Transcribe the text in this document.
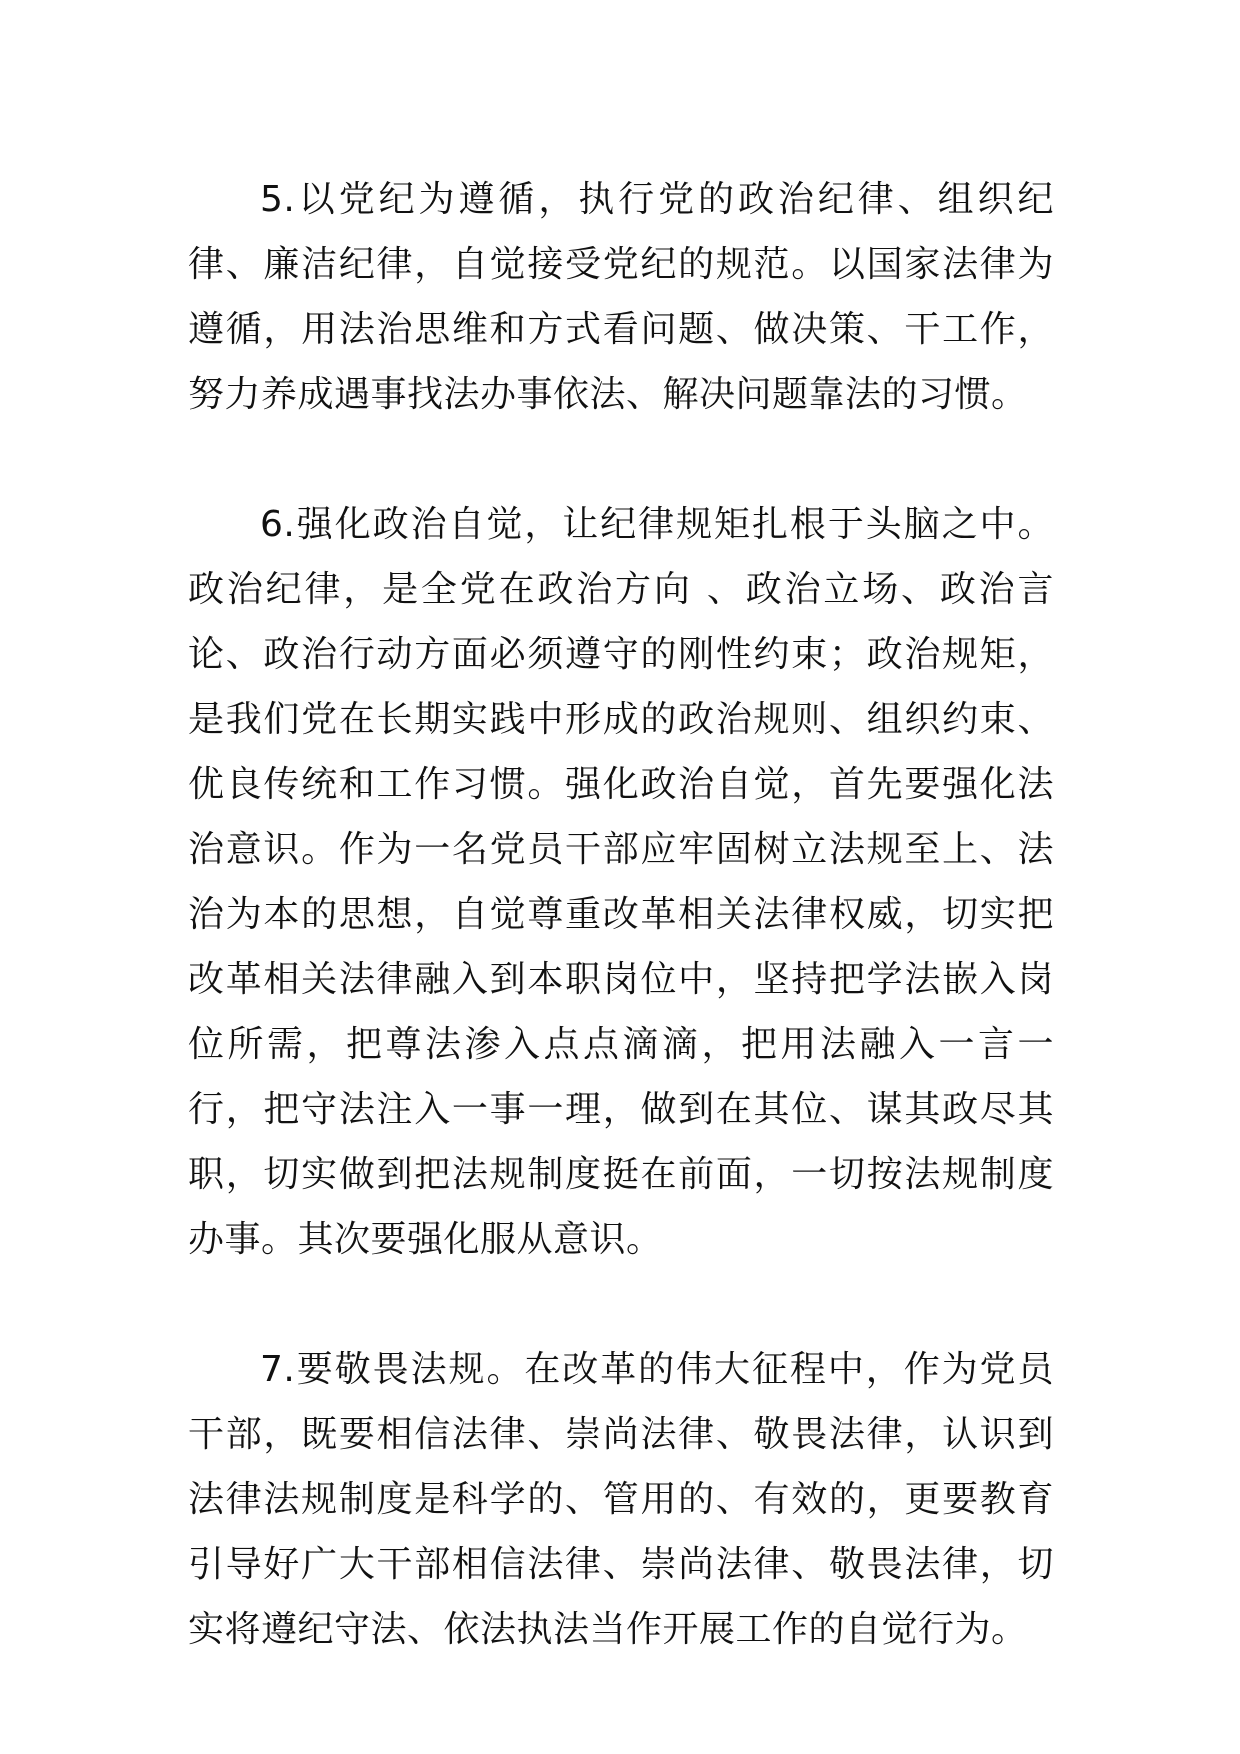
5.以党纪为遵循，执行党的政治纪律、组织纪律、廉洁纪律，自觉接受党纪的规范。以国家法律为遵循，用法治思维和方式看问题、做决策、干工作，努力养成遇事找法办事依法、解决问题靠法的习惯。

6.强化政治自觉，让纪律规矩扎根于头脑之中。政治纪律，是全党在政治方向 、政治立场、政治言论、政治行动方面必须遵守的刚性约束；政治规矩，是我们党在长期实践中形成的政治规则、组织约束、优良传统和工作习惯。强化政治自觉，首先要强化法治意识。作为一名党员干部应牢固树立法规至上、法治为本的思想，自觉尊重改革相关法律权威，切实把改革相关法律融入到本职岗位中，坚持把学法嵌入岗位所需，把尊法渗入点点滴滴，把用法融入一言一行，把守法注入一事一理，做到在其位、谋其政尽其职，切实做到把法规制度挺在前面，一切按法规制度办事。其次要强化服从意识。

7.要敬畏法规。在改革的伟大征程中，作为党员干部，既要相信法律、崇尚法律、敬畏法律，认识到法律法规制度是科学的、管用的、有效的，更要教育引导好广大干部相信法律、崇尚法律、敬畏法律，切实将遵纪守法、依法执法当作开展工作的自觉行为。
